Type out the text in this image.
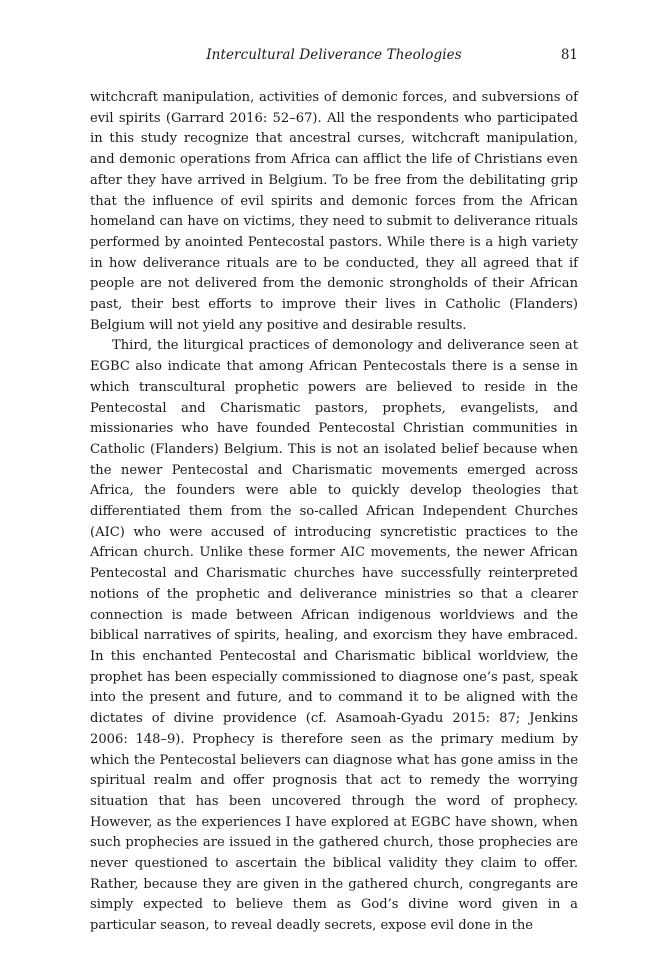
Intercultural Deliverance Theologies	81

witchcraft manipulation, activities of demonic forces, and subversions of evil spirits (Garrard 2016: 52–67). All the respondents who participated in this study recognize that ancestral curses, witchcraft manipulation, and demonic operations from Africa can afflict the life of Christians even after they have arrived in Belgium. To be free from the debilitating grip that the influence of evil spirits and demonic forces from the African homeland can have on victims, they need to submit to deliverance rituals performed by anointed Pentecostal pastors. While there is a high variety in how deliverance rituals are to be conducted, they all agreed that if people are not delivered from the demonic strongholds of their African past, their best efforts to improve their lives in Catholic (Flanders) Belgium will not yield any positive and desirable results.

Third, the liturgical practices of demonology and deliverance seen at EGBC also indicate that among African Pentecostals there is a sense in which transcultural prophetic powers are believed to reside in the Pentecostal and Charismatic pastors, prophets, evangelists, and missionaries who have founded Pentecostal Christian communities in Catholic (Flanders) Belgium. This is not an isolated belief because when the newer Pentecostal and Charismatic movements emerged across Africa, the founders were able to quickly develop theologies that differentiated them from the so-called African Independent Churches (AIC) who were accused of introducing syncretistic practices to the African church. Unlike these former AIC movements, the newer African Pentecostal and Charismatic churches have successfully reinterpreted notions of the prophetic and deliverance ministries so that a clearer connection is made between African indigenous worldviews and the biblical narratives of spirits, healing, and exorcism they have embraced. In this enchanted Pentecostal and Charismatic biblical worldview, the prophet has been especially commissioned to diagnose one’s past, speak into the present and future, and to command it to be aligned with the dictates of divine providence (cf. Asamoah-Gyadu 2015: 87; Jenkins 2006: 148–9). Prophecy is therefore seen as the primary medium by which the Pentecostal believers can diagnose what has gone amiss in the spiritual realm and offer prognosis that act to remedy the worrying situation that has been uncovered through the word of prophecy. However, as the experiences I have explored at EGBC have shown, when such prophecies are issued in the gathered church, those prophecies are never questioned to ascertain the biblical validity they claim to offer. Rather, because they are given in the gathered church, congregants are simply expected to believe them as God’s divine word given in a particular season, to reveal deadly secrets, expose evil done in the
